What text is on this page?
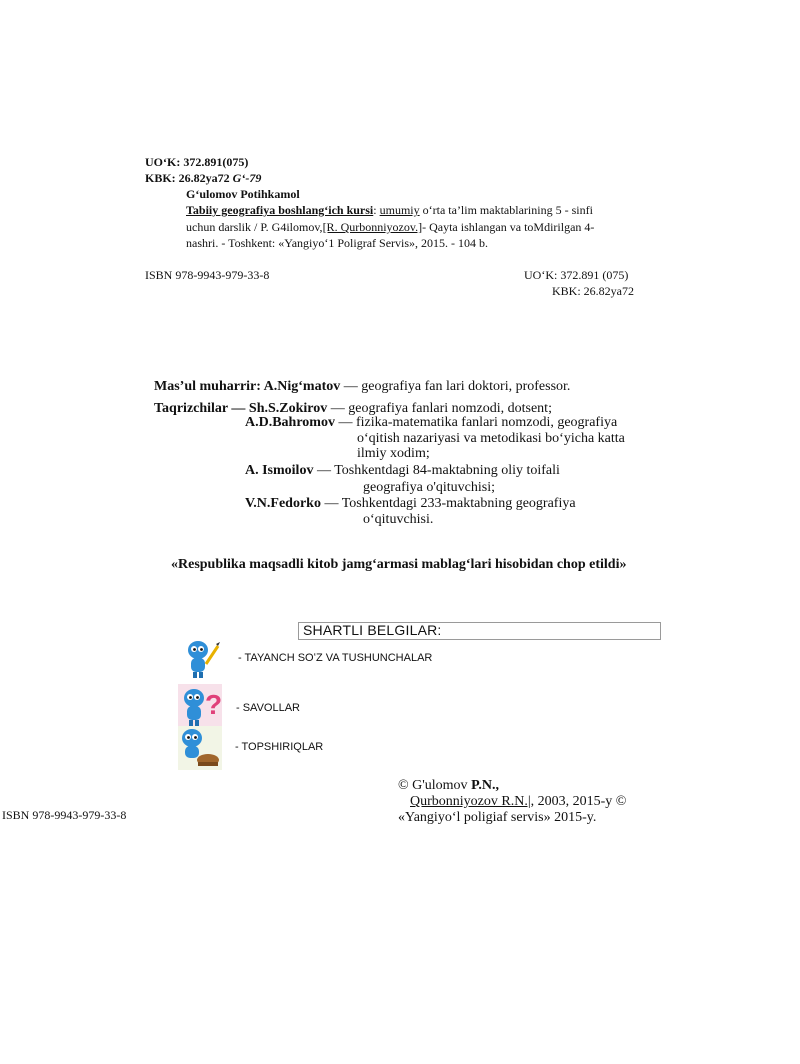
UO‘K: 372.891(075)
KBK: 26.82ya72 G‘-79
Gʻulomov Potihkamol
Tabiiy geografiya boshlangʻich kursi: umumiy oʻrta ta’lim maktablarining 5 - sinfi
uchun darslik / P. G4ilomov,[R. Qurbonniyozov.]- Qayta ishlangan va toMdirilgan 4-
nashri. - Toshkent: «Yangiyo‘1 Poligraf Servis», 2015. - 104 b.
ISBN 978-9943-979-33-8	UO‘K: 372.891 (075)
KBK: 26.82ya72
Mas’ul muharrir: A.Nigʻmatov — geografiya fan lari doktori, professor.
Taqrizchilar — Sh.S.Zokirov — geografiya fanlari nomzodi, dotsent;
A.D.Bahromov — fizika-matematika fanlari nomzodi, geografiya
oʻqitish nazariyasi va metodikasi boʻyicha katta
ilmiy xodim;
A. Ismoilov — Toshkentdagi 84-maktabning oliy toifali
geografiya o'qituvchisi;
V.N.Fedorko — Toshkentdagi 233-maktabning geografiya
oʻqituvchisi.
«Respublika maqsadli kitob jamgʻarmasi mablagʻlari hisobidan chop etildi»
SHARTLI BELGILAR:
- TAYANCH SOʻZ VA TUSHUNCHALAR
? - SAVOLLAR
- TOPSHIRIQLAR
ISBN 978-9943-979-33-8
© G'ulomov P.N.,
Qurbonniyozov R.N.|, 2003, 2015-y ©
«Yangiyoʻl poligiaf servis» 2015-y.
